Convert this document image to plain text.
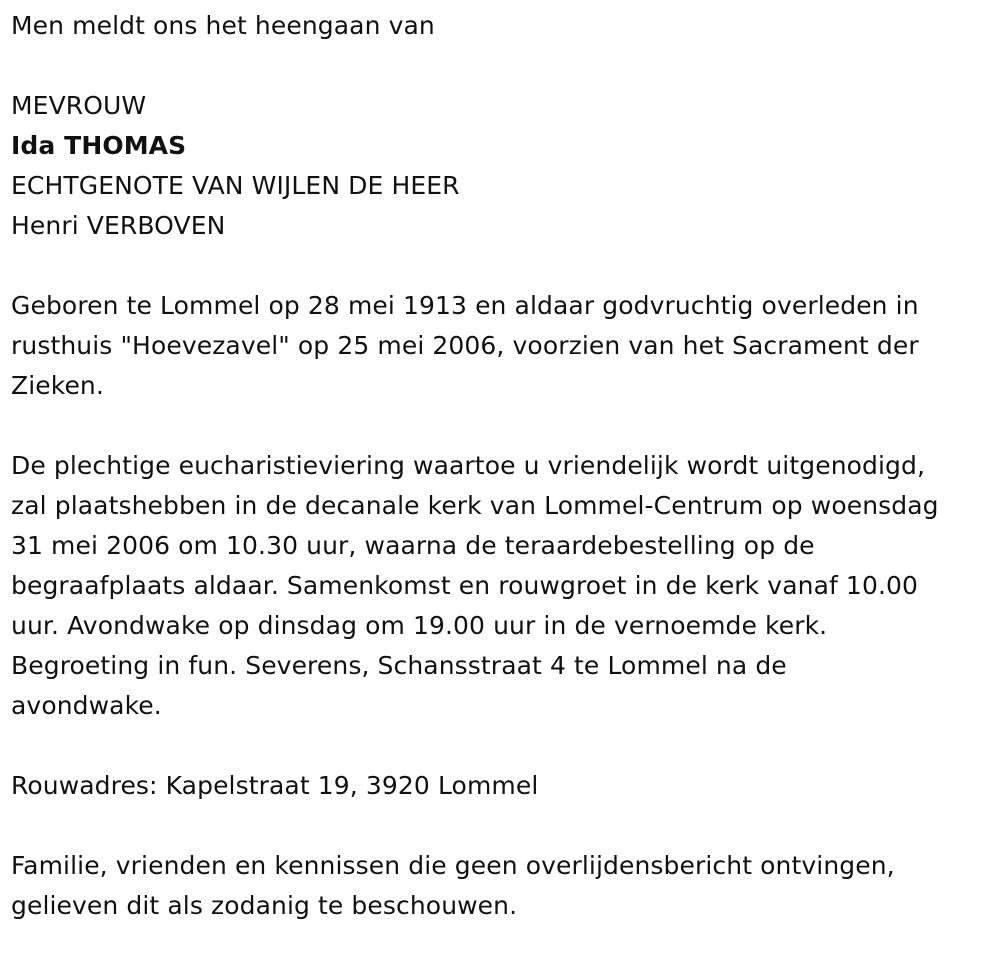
Men meldt ons het heengaan van
MEVROUW
Ida THOMAS
ECHTGENOTE VAN WIJLEN DE HEER
Henri VERBOVEN
Geboren te Lommel op 28 mei 1913 en aldaar godvruchtig overleden in
rusthuis "Hoevezavel" op 25 mei 2006, voorzien van het Sacrament der
Zieken.
De plechtige eucharistieviering waartoe u vriendelijk wordt uitgenodigd,
zal plaatshebben in de decanale kerk van Lommel-Centrum op woensdag
31 mei 2006 om 10.30 uur, waarna de teraardebestelling op de
begraafplaats aldaar. Samenkomst en rouwgroet in de kerk vanaf 10.00
uur. Avondwake op dinsdag om 19.00 uur in de vernoemde kerk.
Begroeting in fun. Severens, Schansstraat 4 te Lommel na de
avondwake.
Rouwadres: Kapelstraat 19, 3920 Lommel
Familie, vrienden en kennissen die geen overlijdensbericht ontvingen,
gelieven dit als zodanig te beschouwen.
